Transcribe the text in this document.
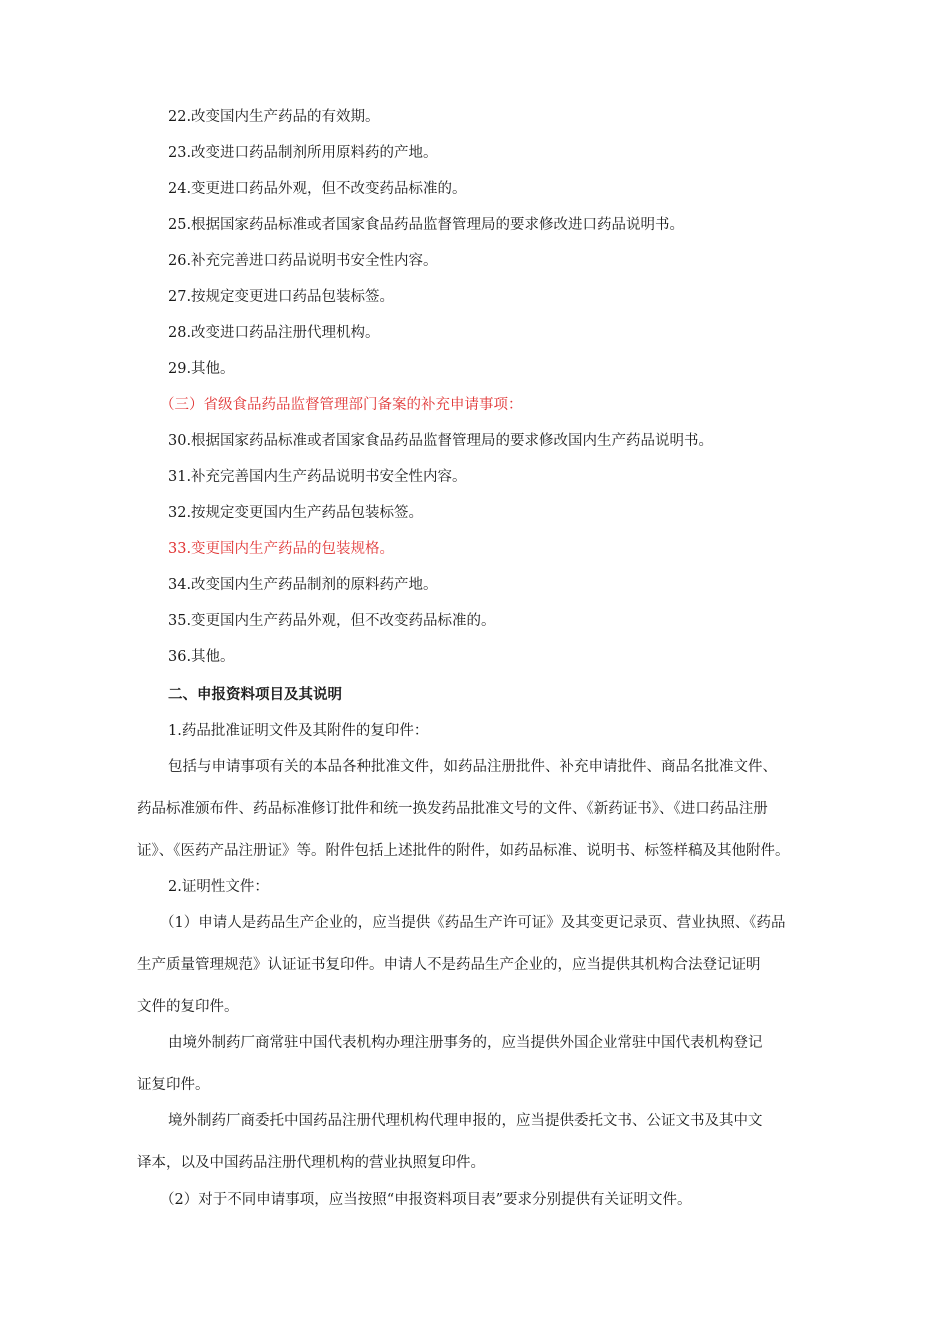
22.改变国内生产药品的有效期。

23.改变进口药品制剂所用原料药的产地。

24.变更进口药品外观，但不改变药品标准的。

25.根据国家药品标准或者国家食品药品监督管理局的要求修改进口药品说明书。

26.补充完善进口药品说明书安全性内容。

27.按规定变更进口药品包装标签。

28.改变进口药品注册代理机构。

29.其他。

（三）省级食品药品监督管理部门备案的补充申请事项：

30.根据国家药品标准或者国家食品药品监督管理局的要求修改国内生产药品说明书。

31.补充完善国内生产药品说明书安全性内容。

32.按规定变更国内生产药品包装标签。

33.变更国内生产药品的包装规格。

34.改变国内生产药品制剂的原料药产地。

35.变更国内生产药品外观，但不改变药品标准的。

36.其他。

二、申报资料项目及其说明

1.药品批准证明文件及其附件的复印件：

包括与申请事项有关的本品各种批准文件，如药品注册批件、补充申请批件、商品名批准文件、

药品标准颁布件、药品标准修订批件和统一换发药品批准文号的文件、《新药证书》、《进口药品注册

证》、《医药产品注册证》等。附件包括上述批件的附件，如药品标准、说明书、标签样稿及其他附件。

2.证明性文件：

（1）申请人是药品生产企业的，应当提供《药品生产许可证》及其变更记录页、营业执照、《药品

生产质量管理规范》认证证书复印件。申请人不是药品生产企业的，应当提供其机构合法登记证明

文件的复印件。

由境外制药厂商常驻中国代表机构办理注册事务的，应当提供外国企业常驻中国代表机构登记

证复印件。

境外制药厂商委托中国药品注册代理机构代理申报的，应当提供委托文书、公证文书及其中文

译本，以及中国药品注册代理机构的营业执照复印件。

（2）对于不同申请事项，应当按照“申报资料项目表”要求分别提供有关证明文件。
